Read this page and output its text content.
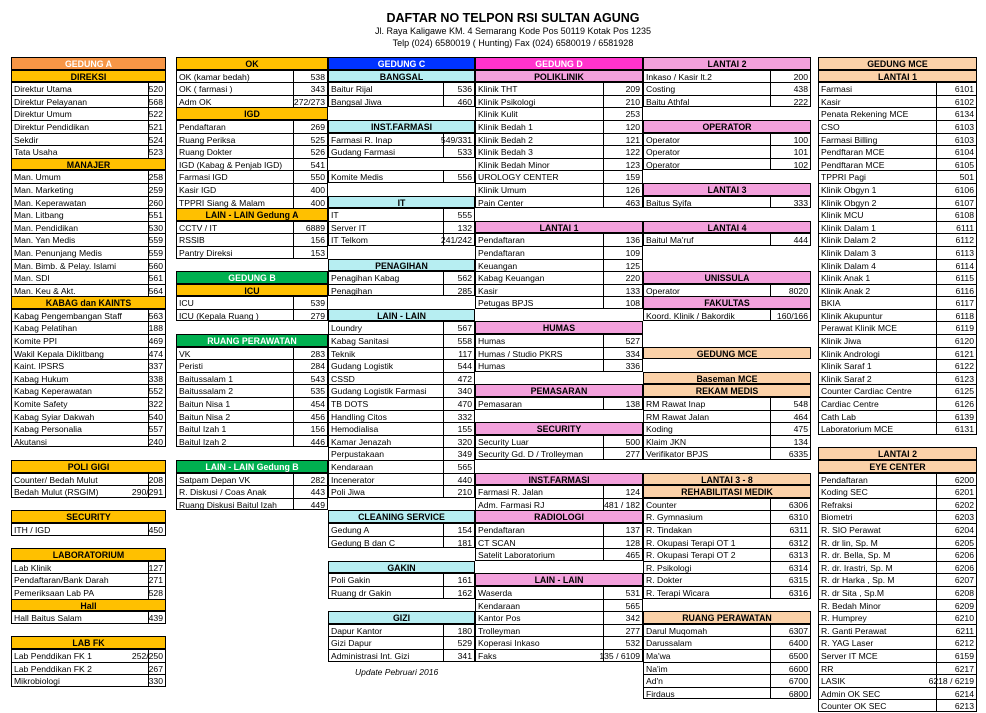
DAFTAR NO TELPON RSI SULTAN AGUNG
Jl. Raya Kaligawe KM. 4 Semarang Kode Pos 50119 Kotak Pos 1235
Telp (024) 6580019 ( Hunting) Fax (024) 6580019 / 6581928
GEDUNG A
DIREKSI
Direktur Utama	520
Direktur Pelayanan	568
Direktur Umum	522
Direktur Pendidikan	521
Sekdir	524
Tata Usaha	523
MANAJER
Man. Umum	258
Man. Marketing	259
Man. Keperawatan	260
Man. Litbang	551
Man. Pendidikan	530
Man. Yan Medis	559
Man. Penunjang Medis	559
Man. Bimb. & Pelay. Islami	560
Man. SDI	561
Man. Keu & Akt.	564
KABAG dan KAINTS
Kabag Pengembangan Staff	563
Kabag Pelatihan	188
Komite PPI	469
Wakil Kepala Diklitbang	474
Kaint. IPSRS	337
Kabag Hukum	338
Kabag Keperawatan	552
Komite Safety	322
Kabag Syiar Dakwah	540
Kabag Personalia	557
Akutansi	240
POLI GIGI
Counter/ Bedah Mulut	208
Bedah Mulut (RSGIM)	290/291
SECURITY
ITH / IGD	450
LABORATORIUM
Lab Klinik	127
Pendaftaran/Bank Darah	271
Pemeriksaan Lab PA	528
Hall
Hall Baitus Salam	439
LAB FK
Lab Penddikan FK 1	252/250
Lab Penddikan FK 2	267
Mikrobiologi	330
OK
OK (kamar bedah)	538
OK ( farmasi )	343
Adm OK	272/273
IGD
Pendaftaran	269
Ruang Periksa	525
Ruang Dokter	526
IGD (Kabag & Penjab IGD)	541
Farmasi IGD	550
Kasir IGD	400
TPPRI Siang & Malam	400
LAIN - LAIN Gedung A
CCTV / IT	6889
RSSIB	156
Pantry Direksi	153
GEDUNG B
ICU
ICU	539
ICU (Kepala Ruang )	279
RUANG PERAWATAN
VK	283
Peristi	284
Baitussalam 1	543
Baitussalam 2	535
Baitun Nisa 1	454
Baitun Nisa 2	456
Baitul Izah 1	156
Baitul Izah 2	446
LAIN - LAIN Gedung B
Satpam Depan VK	282
R. Diskusi / Coas Anak	443
Ruang Diskusi Baitul Izah	449
GEDUNG C
BANGSAL
Baitur Rijal	536
Bangsal Jiwa	460
INST.FARMASI
Farmasi R. Inap	549/331
Gudang Farmasi	533
Komite Medis	556
IT
IT	555
Server IT	132
IT Telkom	241/242
PENAGIHAN
Penagihan Kabag	562
Penagihan	285
LAIN - LAIN
Loundry	567
Kabag Sanitasi	558
Teknik	117
Gudang Logistik	544
CSSD	472
Gudang Logistik Farmasi	340
TB DOTS	470
Handling Citos	332
Hemodialisa	155
Kamar Jenazah	320
Perpustakaan	349
Kendaraan	565
Incenerator	440
Poli Jiwa	210
CLEANING SERVICE
Gedung A	154
Gedung B dan C	181
GAKIN
Poli Gakin	161
Ruang dr Gakin	162
GIZI
Dapur Kantor	180
Gizi Dapur	529
Administrasi Int. Gizi	341
GEDUNG D
POLIKLINIK
Klinik THT	209
Klinik Psikologi	210
Klinik Kulit	253
Klinik Bedah 1	120
Klinik Bedah 2	121
Klinik Bedah 3	122
Klinik Bedah Minor	123
UROLOGY CENTER	159
Klinik Umum	126
Pain Center	463
LANTAI 1
Pendaftaran	136
Pendaftaran	109
Keuangan	125
Kabag Keuangan	220
Kasir	133
Petugas BPJS	108
HUMAS
Humas	527
Humas / Studio PKRS	334
Humas	336
PEMASARAN
Pemasaran	138
SECURITY
Security Luar	500
Security Gd. D / Trolleyman	277
INST.FARMASI
Farmasi R. Jalan	124
Adm. Farmasi RJ	481 / 182
RADIOLOGI
Pendaftaran	137
CT SCAN	128
Satelit Laboratorium	465
LAIN - LAIN
Waserda	531
Kendaraan	565
Kantor Pos	342
Trolleyman	277
Koperasi Inkaso	532
Faks	135 / 6109
LANTAI 2
Inkaso / Kasir lt.2	200
Costing	438
Baitu Athfal	222
OPERATOR
Operator	100
Operator	101
Operator	102
LANTAI 3
Baitus Syifa	333
LANTAI 4
Baitul Ma'ruf	444
UNISSULA
Operator	8020
FAKULTAS
Koord. Klinik / Bakordik	160/166
GEDUNG MCE
Baseman MCE
REKAM MEDIS
RM Rawat Inap	548
RM Rawat Jalan	464
Koding	475
Klaim JKN	134
Verifikator BPJS	6335
LANTAI 3 - 8
REHABILITASI MEDIK
Counter	6306
R. Gymnasium	6310
R. Tindakan	6311
R. Okupasi Terapi OT 1	6312
R. Okupasi Terapi OT 2	6313
R. Psikologi	6314
R. Dokter	6315
R. Terapi Wicara	6316
RUANG PERAWATAN
Darul Muqomah	6307
Darussalam	6400
Ma'wa	6500
Na'im	6600
Ad'n	6700
Firdaus	6800
GEDUNG MCE
LANTAI 1
Farmasi	6101
Kasir	6102
Penata Rekening MCE	6134
CSO	6103
Farmasi Billing	6103
Pendftaran MCE	6104
Pendftaran MCE	6105
TPPRI Pagi	501
Klinik Obgyn 1	6106
Klinik Obgyn 2	6107
Klinik MCU	6108
Klinik Dalam 1	6111
Klinik Dalam 2	6112
Klinik Dalam 3	6113
Klinik Dalam 4	6114
Klinik Anak 1	6115
Klinik Anak 2	6116
BKIA	6117
Klinik Akupuntur	6118
Perawat Klinik MCE	6119
Klinik Jiwa	6120
Klinik Andrologi	6121
Klinik Saraf 1	6122
Klinik Saraf 2	6123
Counter Cardiac Centre	6125
Cardiac Centre	6126
Cath Lab	6139
Laboratorium MCE	6131
LANTAI 2
EYE CENTER
Pendaftaran	6200
Koding SEC	6201
Refraksi	6202
Biometri	6203
R. SIO Perawat	6204
R. dr lin, Sp. M	6205
R. dr. Bella, Sp. M	6206
R. dr. Irastri, Sp. M	6206
R. dr Harka , Sp. M	6207
R. dr Sita , Sp.M	6208
R. Bedah Minor	6209
R. Humprey	6210
R. Ganti Perawat	6211
R. YAG Laser	6212
Server IT MCE	6159
RR	6217
LASIK	6218 / 6219
Admin OK SEC	6214
Counter OK SEC	6213
Update Pebruari 2016
